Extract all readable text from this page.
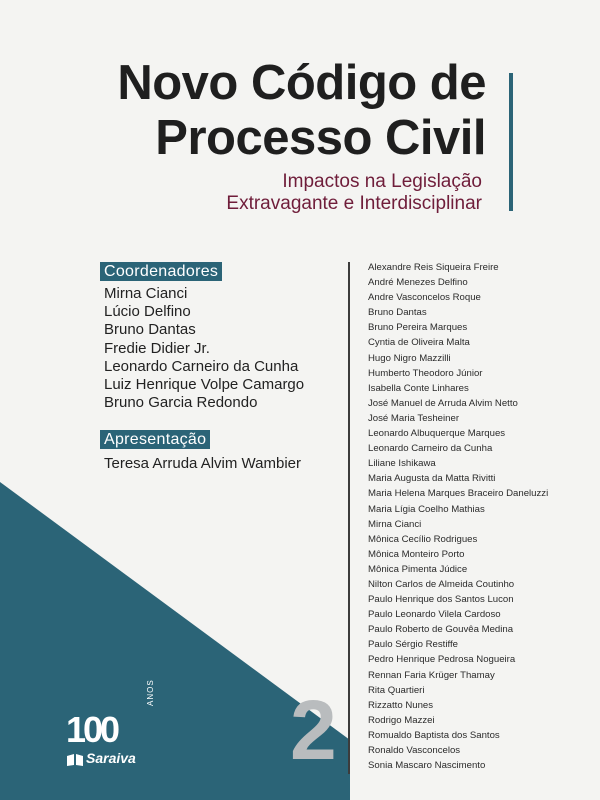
Novo Código de
Processo Civil
Impactos na Legislação
Extravagante e Interdisciplinar
Coordenadores
Mirna Cianci
Lúcio Delfino
Bruno Dantas
Fredie Didier Jr.
Leonardo Carneiro da Cunha
Luiz Henrique Volpe Camargo
Bruno Garcia Redondo
Apresentação
Teresa Arruda Alvim Wambier
Alexandre Reis Siqueira Freire
André Menezes Delfino
Andre Vasconcelos Roque
Bruno Dantas
Bruno Pereira Marques
Cyntia de Oliveira Malta
Hugo Nigro Mazzilli
Humberto Theodoro Júnior
Isabella Conte Linhares
José Manuel de Arruda Alvim Netto
José Maria Tesheiner
Leonardo Albuquerque Marques
Leonardo Carneiro da Cunha
Liliane Ishikawa
Maria Augusta da Matta Rivitti
Maria Helena Marques Braceiro Daneluzzi
Maria Lígia Coelho Mathias
Mirna Cianci
Mônica Cecílio Rodrigues
Mônica Monteiro Porto
Mônica Pimenta Júdice
Nilton Carlos de Almeida Coutinho
Paulo Henrique dos Santos Lucon
Paulo Leonardo Vilela Cardoso
Paulo Roberto de Gouvêa Medina
Paulo Sérgio Restiffe
Pedro Henrique Pedrosa Nogueira
Rennan Faria Krüger Thamay
Rita Quartieri
Rizzatto Nunes
Rodrigo Mazzei
Romualdo Baptista dos Santos
Ronaldo Vasconcelos
Sonia Mascaro Nascimento
2
100
ANOS
Saraiva
